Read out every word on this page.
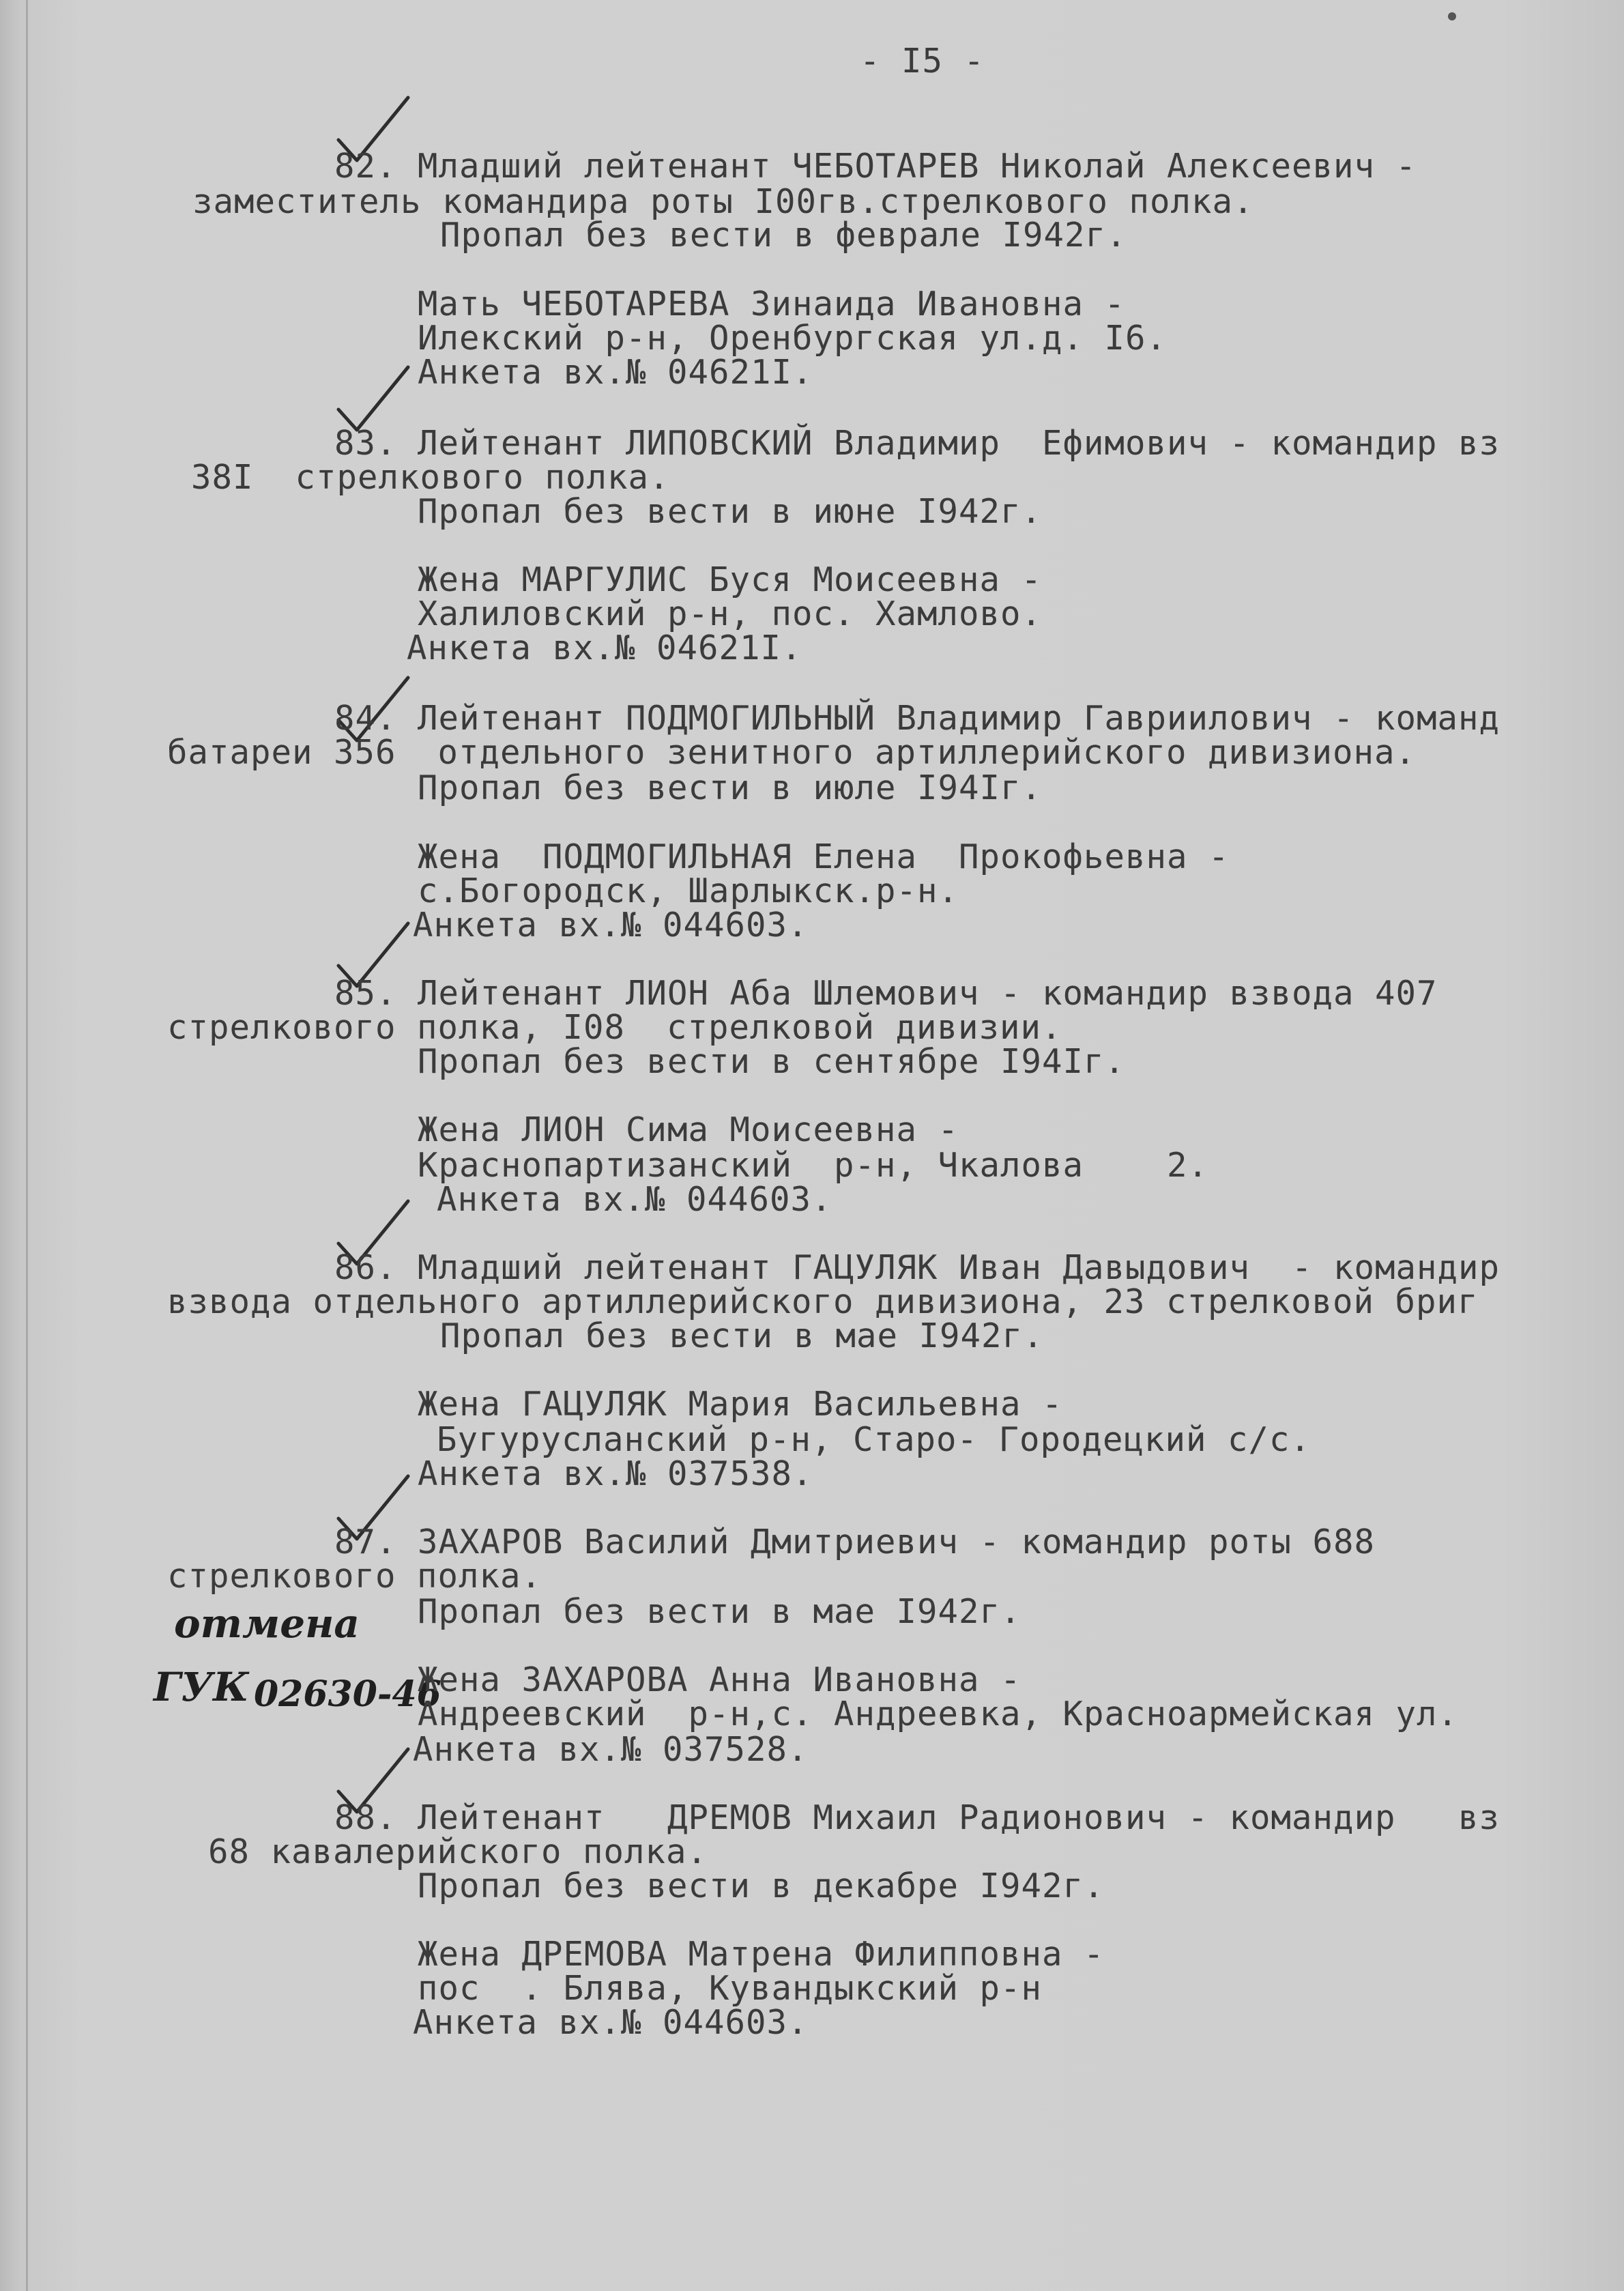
- I5 -
82. Младший лейтенант ЧЕБОТАРЕВ Николай Алексеевич -
заместитель командира роты I00гв.стрелкового полка.
Пропал без вести в феврале I942г.
Мать ЧЕБОТАРЕВА Зинаида Ивановна -
Илекский р-н, Оренбургская ул.д. I6.
Анкета вх.№ 04621I.
83. Лейтенант ЛИПОВСКИЙ Владимир  Ефимович - командир вз
38I  стрелкового полка.
Пропал без вести в июне I942г.
Жена МАРГУЛИС Буся Моисеевна -
Халиловский р-н, пос. Хамлово.
Анкета вх.№ 04621I.
84. Лейтенант ПОДМОГИЛЬНЫЙ Владимир Гавриилович - команд
батареи 356  отдельного зенитного артиллерийского дивизиона.
Пропал без вести в июле I94Iг.
Жена  ПОДМОГИЛЬНАЯ Елена  Прокофьевна -
с.Богородск, Шарлыкск.р-н.
Анкета вх.№ 044603.
85. Лейтенант ЛИОН Аба Шлемович - командир взвода 407
стрелкового полка, I08  стрелковой дивизии.
Пропал без вести в сентябре I94Iг.
Жена ЛИОН Сима Моисеевна -
Краснопартизанский  р-н, Чкалова    2.
Анкета вх.№ 044603.
86. Младший лейтенант ГАЦУЛЯК Иван Давыдович  - командир
взвода отдельного артиллерийского дивизиона, 23 стрелковой бриг
Пропал без вести в мае I942г.
Жена ГАЦУЛЯК Мария Васильевна -
Бугурусланский р-н, Старо- Городецкий с/с.
Анкета вх.№ 037538.
87. ЗАХАРОВ Василий Дмитриевич - командир роты 688
стрелкового полка.
Пропал без вести в мае I942г.
отмена
ГУК 02630-46
Жена ЗАХАРОВА Анна Ивановна -
Андреевский  р-н,с. Андреевка, Красноармейская ул.
Анкета вх.№ 037528.
88. Лейтенант   ДРЕМОВ Михаил Радионович - командир   вз
68 кавалерийского полка.
Пропал без вести в декабре I942г.
Жена ДРЕМОВА Матрена Филипповна -
пос  . Блява, Кувандыкский р-н
Анкета вх.№ 044603.
